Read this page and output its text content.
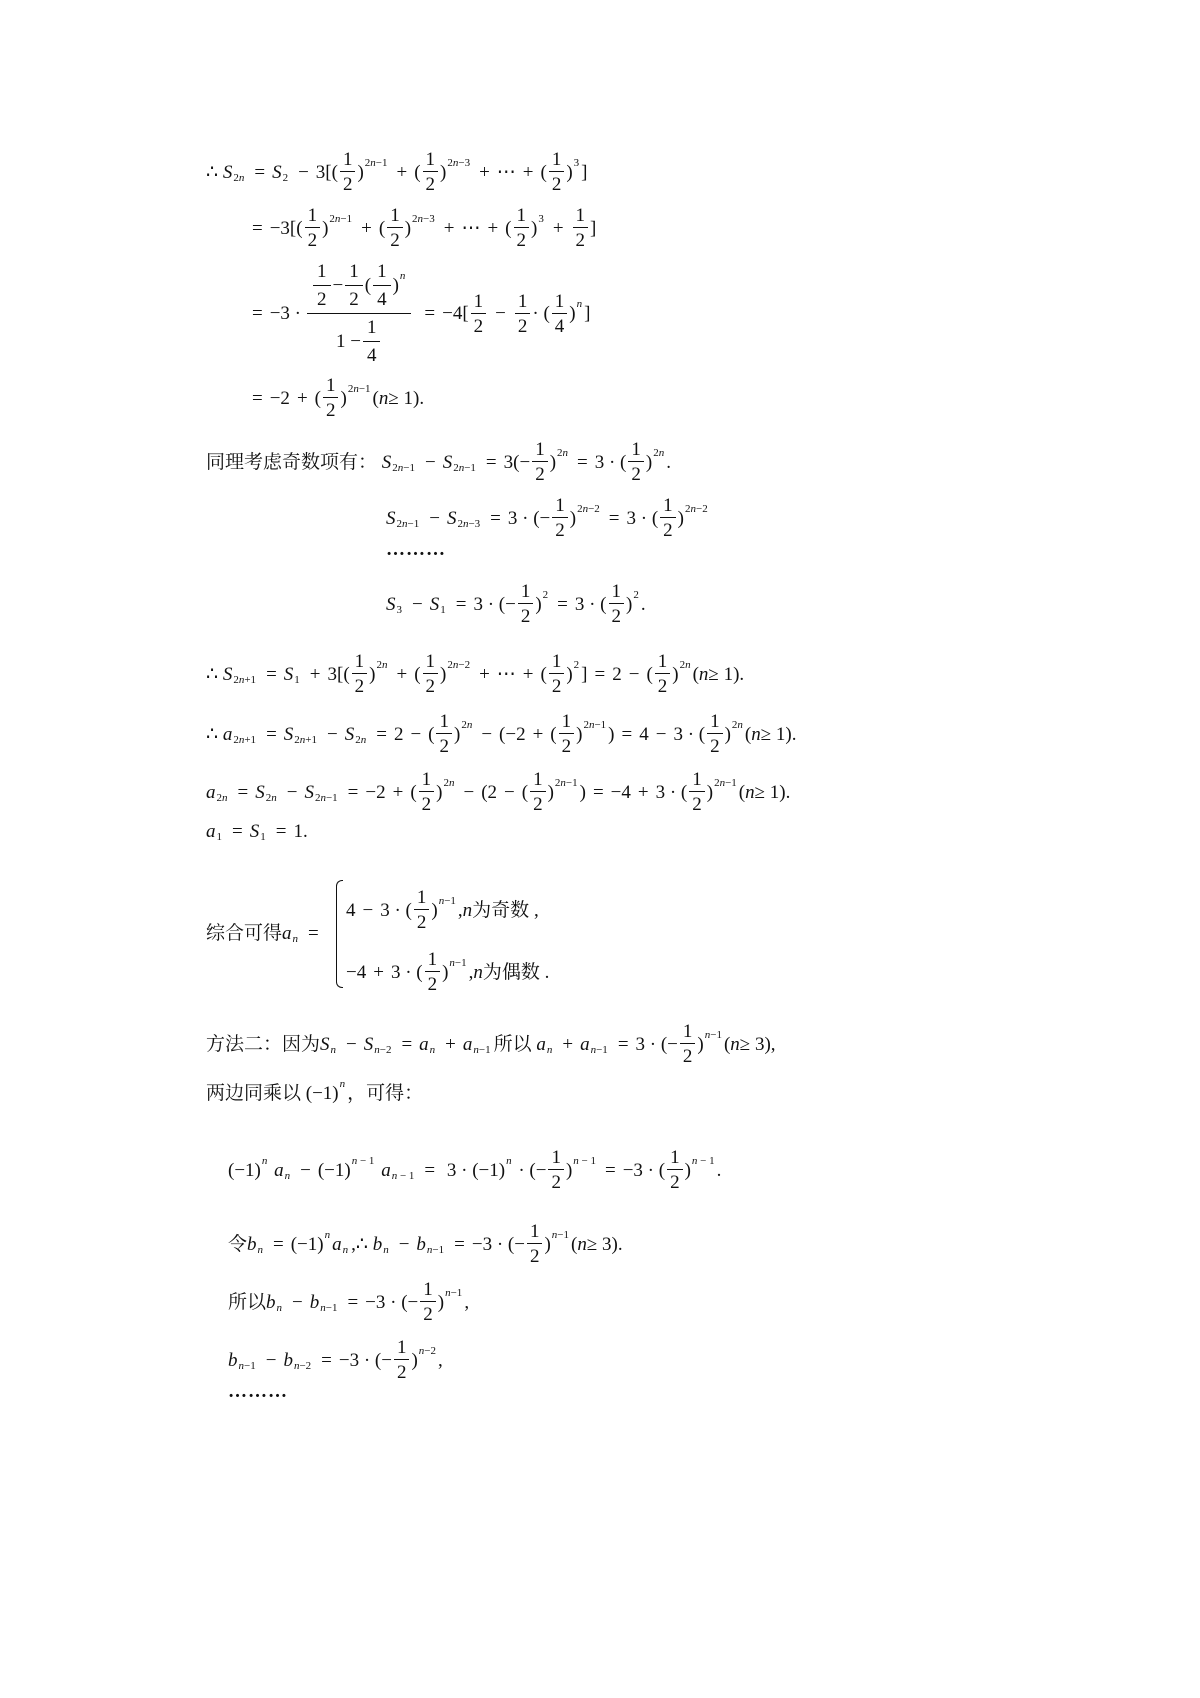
∴
S 2n = S $2 - 3[( \frac{1}{2}$ ) 2n−1 + ( $\frac{1}{2}$ ) 2n−3 + ⋯ + ( $\frac{1}{2}$ ) 3 ]
= $-3[( \frac{1}{2}$ ) 2n−1 + ( $\frac{1}{2}$ ) 2n−3 + ⋯ + ( $\frac{1}{2}$ ) $3 + \frac{1}{2}$ ]
= $-3 \cdot \frac{\frac{1}{2} - \frac{1}{2} ( \frac{1}{4} ) n}{1 - \frac{1}{4}} = -4[ \frac{1}{2} - \frac{1}{2}$ · ( $\frac{1}{4}$ ) n ]
= −2 + ( $\frac{1}{2}$ ) 2n−1 ( n ≥ 1).
同理考虑奇数项有：
S 2n−1 − S $2n-1 = 3(- \frac{1}{2}$ ) 2n = 3 · ( $\frac{1}{2}$ ) 2n .
S 2n−1 − S 2n−3 = 3 · (− $\frac{1}{2}$ ) 2n−2 = 3 · ( $\frac{1}{2}$ ) 2n−2
………
S 3 − S 1 = 3 · (− $\frac{1}{2}$ ) 2 = 3 · ( $\frac{1}{2}$ ) 2 .
∴ S 2n+1 = S $1 + 3[( \frac{1}{2}$ ) 2n + ( $\frac{1}{2}$ ) 2n−2 + ⋯ + ( $\frac{1}{2}$ ) 2 ] = 2 − ( $\frac{1}{2}$ ) 2n ( n ≥ 1).
∴ a 2n+1 = S 2n+1 − S 2n = 2 − ( $\frac{1}{2}$ ) 2n − (−2 + ( $\frac{1}{2}$ ) 2n−1 ) = 4 − 3 · ( $\frac{1}{2}$ ) 2n ( n ≥ 1).
a 2n = S 2n − S 2n−1 = −2 + ( $\frac{1}{2}$ ) 2n − (2 − ( $\frac{1}{2}$ ) 2n−1 ) = −4 + 3 · ( $\frac{1}{2}$ ) 2n−1 ( n ≥ 1).
a 1 = S 1 = 1.
综合可得 a n =
4 − 3 · ( $\frac{1}{2}$ ) n−1 , n 为奇数 ,
−4 + 3 · ( $\frac{1}{2}$ ) n−1 , n 为偶数 .
方法二：因为 S n − S n−2 = a n + a n−1 所以
a n + a n−1 = 3 · (− $\frac{1}{2}$ ) n−1 ( n ≥ 3),
两边同乘以 (−1) n ，可得：
(−1) n
a n − (−1) n − 1
a n − 1 = 3 · (−1) n · (− $\frac{1}{2}$ ) n − 1 = −3 · ( $\frac{1}{2}$ ) n − 1 .
令 b n = (−1) n a n ,∴ b n − b n−1 = −3 · (− $\frac{1}{2}$ ) n−1 ( n ≥ 3).
所以 b n − b n−1 = −3 · (− $\frac{1}{2}$ ) n−1 ,
b n−1 − b n−2 = −3 · (− $\frac{1}{2}$ ) n−2 ,
………
